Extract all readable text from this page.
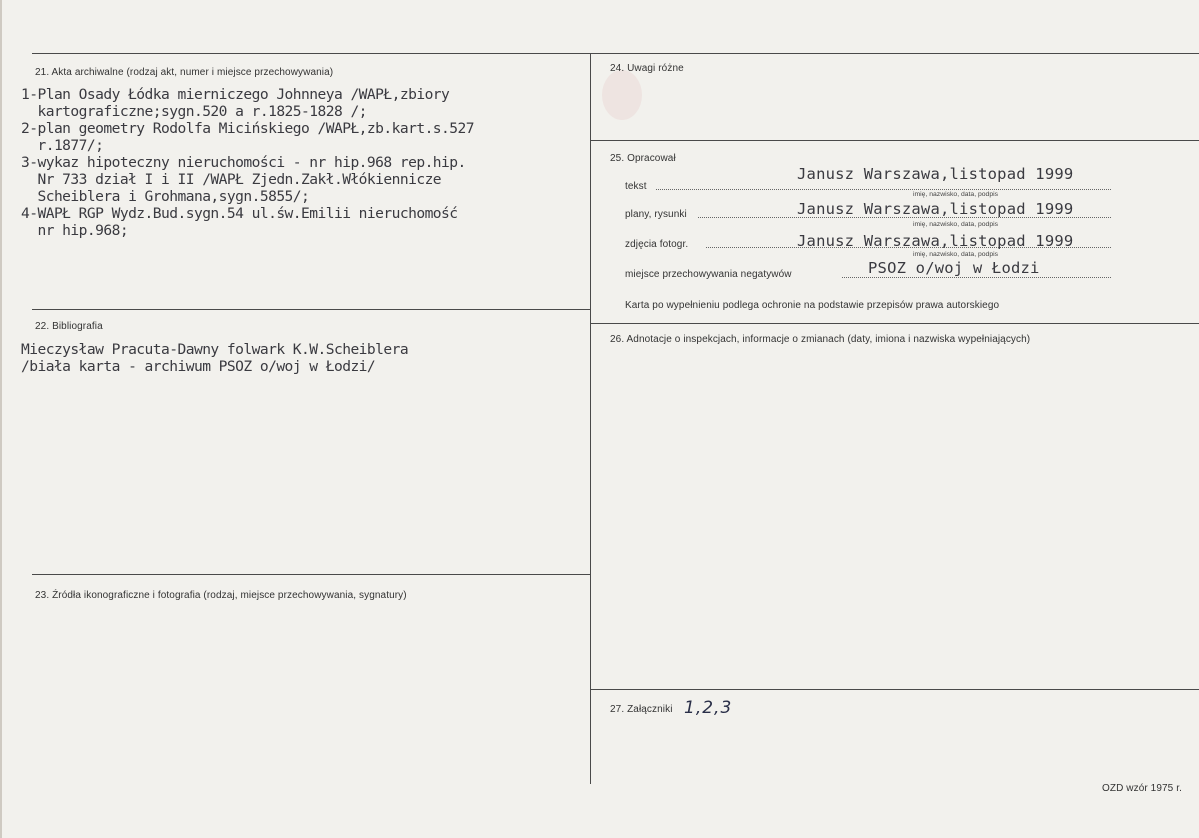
21. Akta archiwalne (rodzaj akt, numer i miejsce przechowywania)
1-Plan Osady Łódka mierniczego Johnneya /WAPŁ,zbiory
kartograficzne;sygn.520 a r.1825-1828 /;
2-plan geometry Rodolfa Micińskiego /WAPŁ,zb.kart.s.527
r.1877/;
3-wykaz hipoteczny nieruchomości - nr hip.968 rep.hip.
Nr 733 dział I i II /WAPŁ Zjedn.Zakł.Włókiennicze
Scheiblera i Grohmana,sygn.5855/;
4-WAPŁ RGP Wydz.Bud.sygn.54 ul.św.Emilii nieruchomość
nr hip.968;
22. Bibliografia
Mieczysław Pracuta-Dawny folwark K.W.Scheiblera
/biała karta - archiwum PSOZ o/woj w Łodzi/
23. Źródła ikonograficzne i fotografia (rodzaj, miejsce przechowywania, sygnatury)
24. Uwagi różne
25. Opracował
tekst
Janusz Warszawa,listopad 1999
imię, nazwisko, data, podpis
plany, rysunki	Janusz Warszawa,listopad 1999
imię, nazwisko, data, podpis
zdjęcia fotogr.	Janusz Warszawa,listopad 1999
imię, nazwisko, data, podpis
miejsce przechowywania negatywów	PSOZ o/woj w Łodzi
Karta po wypełnieniu podlega ochronie na podstawie przepisów prawa autorskiego
26. Adnotacje o inspekcjach, informacje o zmianach (daty, imiona i nazwiska wypełniających)
27. Załączniki 1,2,3
OZD wzór 1975 r.
